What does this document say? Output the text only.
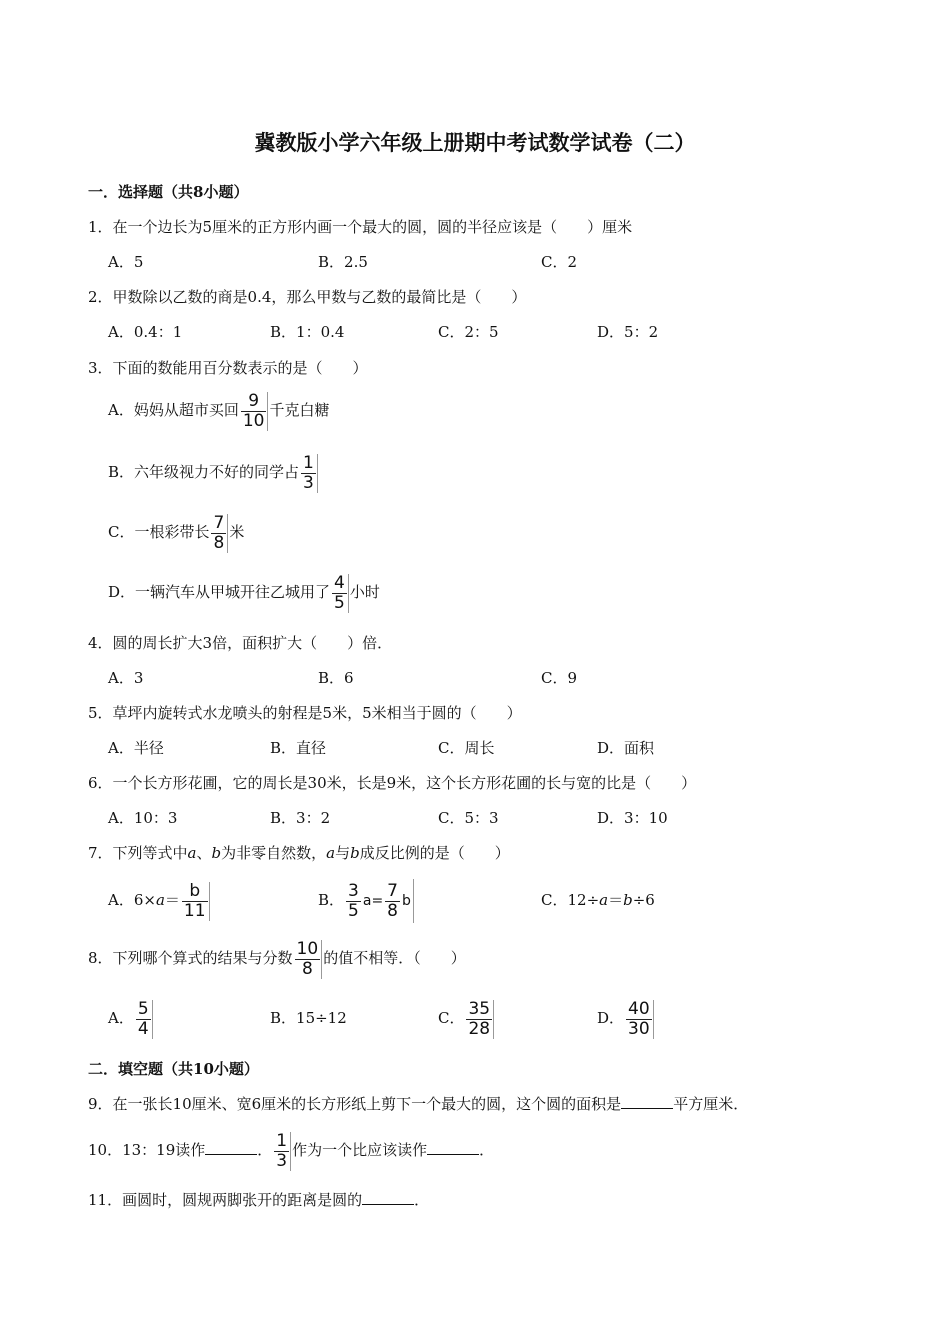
冀教版小学六年级上册期中考试数学试卷（二）
一．选择题（共8小题）
1．在一个边长为5厘米的正方形内画一个最大的圆，圆的半径应该是（　　）厘米
A．5	B．2.5	C．2
2．甲数除以乙数的商是0.4，那么甲数与乙数的最简比是（　　）
A．0.4：1	B．1：0.4	C．2：5	D．5：2
3．下面的数能用百分数表示的是（　　）
A．妈妈从超市买回 $\frac{9}{10}$ 千克白糖
B．六年级视力不好的同学占 $\frac{1}{3}$
C．一根彩带长 $\frac{7}{8}$ 米
D．一辆汽车从甲城开往乙城用了 $\frac{4}{5}$ 小时
4．圆的周长扩大3倍，面积扩大（　　）倍．
A．3	B．6	C．9
5．草坪内旋转式水龙喷头的射程是5米，5米相当于圆的（　　）
A．半径	B．直径	C．周长	D．面积
6．一个长方形花圃，它的周长是30米，长是9米，这个长方形花圃的长与宽的比是（　　）
A．10：3	B．3：2	C．5：3	D．3：10
7．下列等式中a、b为非零自然数，a与b成反比例的是（　　）
A．$6\times a= \frac{b}{11}$	B． $\frac{3}{5} a= \frac{7}{8}$ b	C．12÷a＝b÷6
8．下列哪个算式的结果与分数 $\frac{10}{8}$ 的值不相等．（　　）
A． $\frac{5}{4}$	B．15÷12	C． $\frac{35}{28}$	D． $\frac{40}{30}$
二．填空题（共10小题）
9．在一张长10厘米、宽6厘米的长方形纸上剪下一个最大的圆，这个圆的面积是	平方厘米．
10．13：19读作	． $\frac{1}{3}$ 作为一个比应该读作	．
11．画圆时，圆规两脚张开的距离是圆的	．
